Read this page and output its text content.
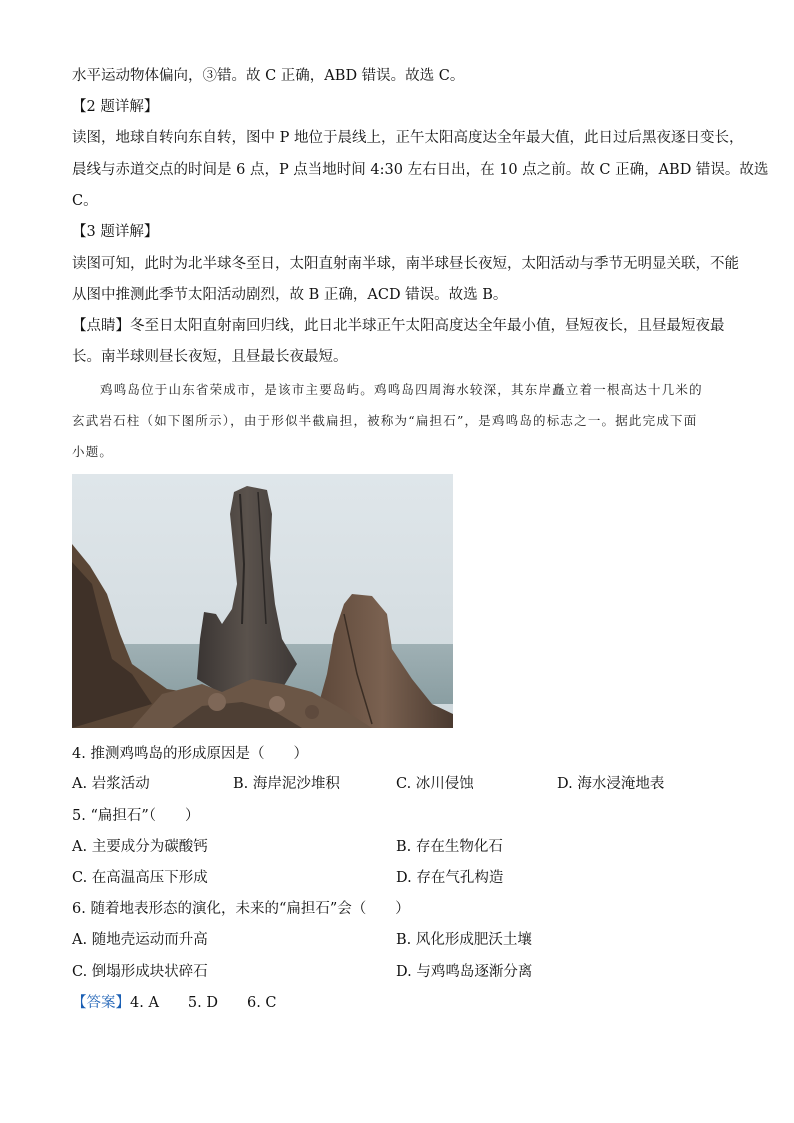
水平运动物体偏向，③错。故 C 正确，ABD 错误。故选 C。
【2 题详解】
读图，地球自转向东自转，图中 P 地位于晨线上，正午太阳高度达全年最大值，此日过后黑夜逐日变长，
晨线与赤道交点的时间是 6 点，P 点当地时间 4:30 左右日出，在 10 点之前。故 C 正确，ABD 错误。故选
C。
【3 题详解】
读图可知，此时为北半球冬至日，太阳直射南半球，南半球昼长夜短，太阳活动与季节无明显关联，不能
从图中推测此季节太阳活动剧烈，故 B 正确，ACD 错误。故选 B。
【点睛】冬至日太阳直射南回归线，此日北半球正午太阳高度达全年最小值，昼短夜长，且昼最短夜最
长。南半球则昼长夜短，且昼最长夜最短。
鸡鸣岛位于山东省荣成市，是该市主要岛屿。鸡鸣岛四周海水较深，其东岸矗立着一根高达十几米的
玄武岩石柱（如下图所示），由于形似半截扁担，被称为“扁担石”，是鸡鸣岛的标志之一。据此完成下面
小题。
4. 推测鸡鸣岛的形成原因是（　　）
A. 岩浆活动	B. 海岸泥沙堆积	C. 冰川侵蚀	D. 海水浸淹地表
5. “扁担石”（　　）
A. 主要成分为碳酸钙	B. 存在生物化石
C. 在高温高压下形成	D. 存在气孔构造
6. 随着地表形态的演化，未来的“扁担石”会（　　）
A. 随地壳运动而升高	B. 风化形成肥沃土壤
C. 倒塌形成块状碎石	D. 与鸡鸣岛逐渐分离
【答案】4. A　　5. D　　6. C
